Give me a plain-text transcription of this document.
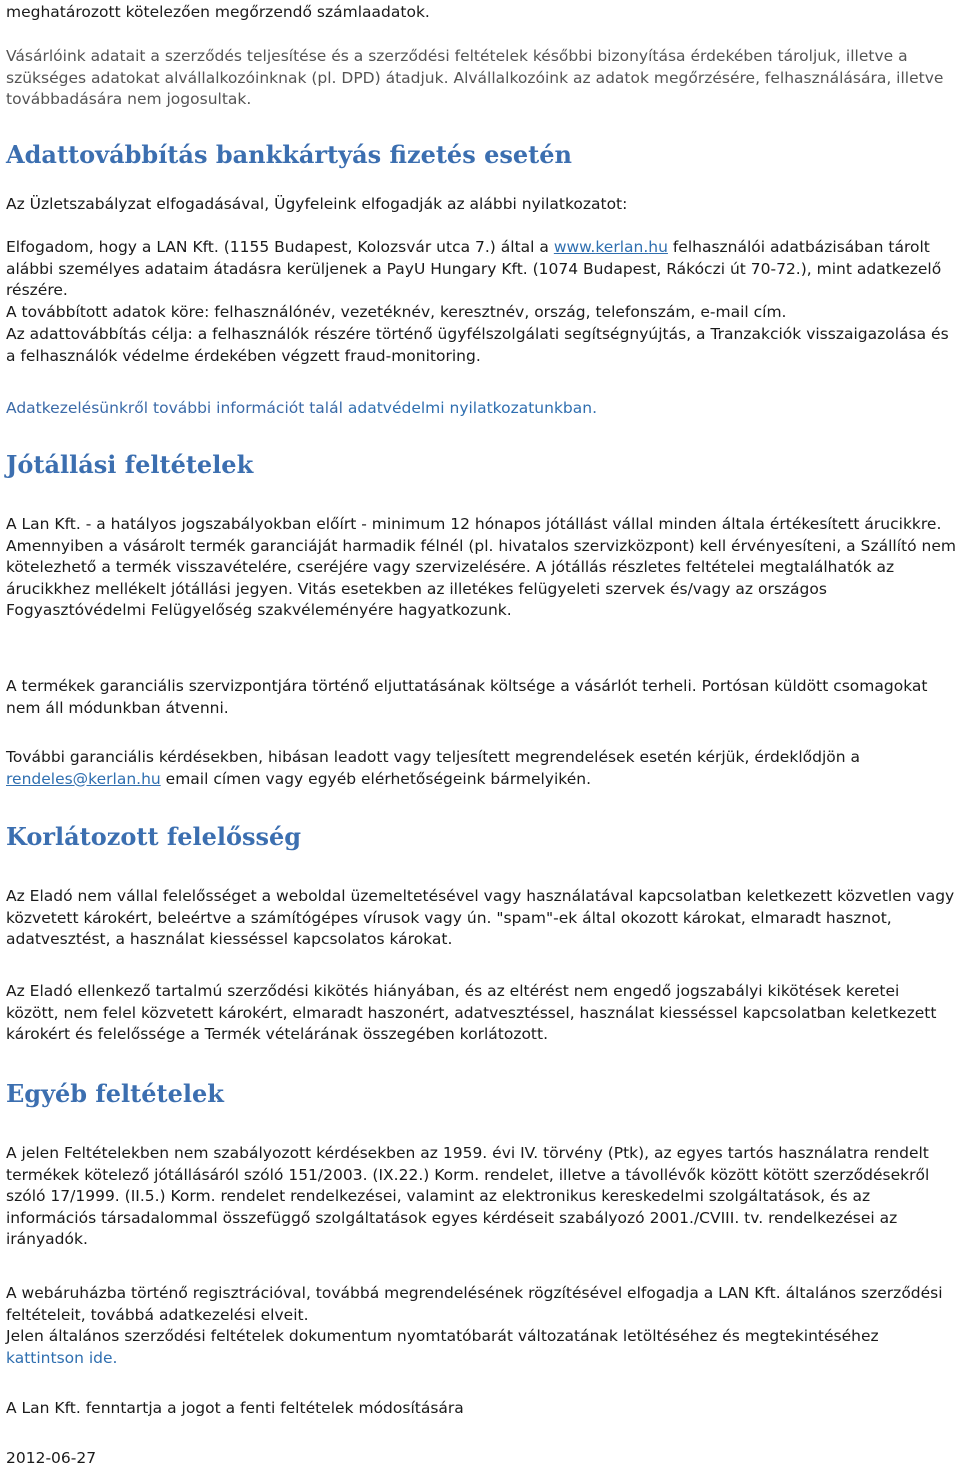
meghatározott kötelezően megőrzendő számlaadatok.

Vásárlóink adatait a szerződés teljesítése és a szerződési feltételek későbbi bizonyítása érdekében tároljuk, illetve a szükséges adatokat alvállalkozóinknak (pl. DPD) átadjuk. Alvállalkozóink az adatok megőrzésére, felhasználására, illetve továbbadására nem jogosultak.

Adattovábbítás bankkártyás fizetés esetén

Az Üzletszabályzat elfogadásával, Ügyfeleink elfogadják az alábbi nyilatkozatot:

Elfogadom, hogy a LAN Kft. (1155 Budapest, Kolozsvár utca 7.) által a www.kerlan.hu felhasználói adatbázisában tárolt alábbi személyes adataim átadásra kerüljenek a PayU Hungary Kft. (1074 Budapest, Rákóczi út 70-72.), mint adatkezelő részére.

A továbbított adatok köre: felhasználónév, vezetéknév, keresztnév, ország, telefonszám, e-mail cím.

Az adattovábbítás célja: a felhasználók részére történő ügyfélszolgálati segítségnyújtás, a Tranzakciók visszaigazolása és a felhasználók védelme érdekében végzett fraud-monitoring.

Adatkezelésünkről további információt talál adatvédelmi nyilatkozatunkban.
Jótállási feltételek

A Lan Kft. - a hatályos jogszabályokban előírt - minimum 12 hónapos jótállást vállal minden általa értékesített árucikkre. Amennyiben a vásárolt termék garanciáját harmadik félnél (pl. hivatalos szervizközpont) kell érvényesíteni, a Szállító nem kötelezhető a termék visszavételére, cseréjére vagy szervizelésére. A jótállás részletes feltételei megtalálhatók az árucikkhez mellékelt jótállási jegyen. Vitás esetekben az illetékes felügyeleti szervek és/vagy az országos Fogyasztóvédelmi Felügyelőség szakvéleményére hagyatkozunk.

A termékek garanciális szervizpontjára történő eljuttatásának költsége a vásárlót terheli. Portósan küldött csomagokat nem áll módunkban átvenni.

További garanciális kérdésekben, hibásan leadott vagy teljesített megrendelések esetén kérjük, érdeklődjön a rendeles@kerlan.hu email címen vagy egyéb elérhetőségeink bármelyikén.
Korlátozott felelősség

Az Eladó nem vállal felelősséget a weboldal üzemeltetésével vagy használatával kapcsolatban keletkezett közvetlen vagy közvetett károkért, beleértve a számítógépes vírusok vagy ún. "spam"-ek által okozott károkat, elmaradt hasznot, adatvesztést, a használat kiesséssel kapcsolatos károkat.

Az Eladó ellenkező tartalmú szerződési kikötés hiányában, és az eltérést nem engedő jogszabályi kikötések keretei között, nem felel közvetett károkért, elmaradt haszonért, adatvesztéssel, használat kiesséssel kapcsolatban keletkezett károkért és felelőssége a Termék vételárának összegében korlátozott.

Egyéb feltételek

A jelen Feltételekben nem szabályozott kérdésekben az 1959. évi IV. törvény (Ptk), az egyes tartós használatra rendelt termékek kötelező jótállásáról szóló 151/2003. (IX.22.) Korm. rendelet, illetve a távollévők között kötött szerződésekről szóló 17/1999. (II.5.) Korm. rendelet rendelkezései, valamint az elektronikus kereskedelmi szolgáltatások, és az információs társadalommal összefüggő szolgáltatások egyes kérdéseit szabályozó 2001./CVIII. tv. rendelkezései az irányadók.

A webáruházba történő regisztrációval, továbbá megrendelésének rögzítésével elfogadja a LAN Kft. általános szerződési feltételeit, továbbá adatkezelési elveit.

Jelen általános szerződési feltételek dokumentum nyomtatóbarát változatának letöltéséhez és megtekintéséhez kattintson ide.

A Lan Kft. fenntartja a jogot a fenti feltételek módosítására

2012-06-27
